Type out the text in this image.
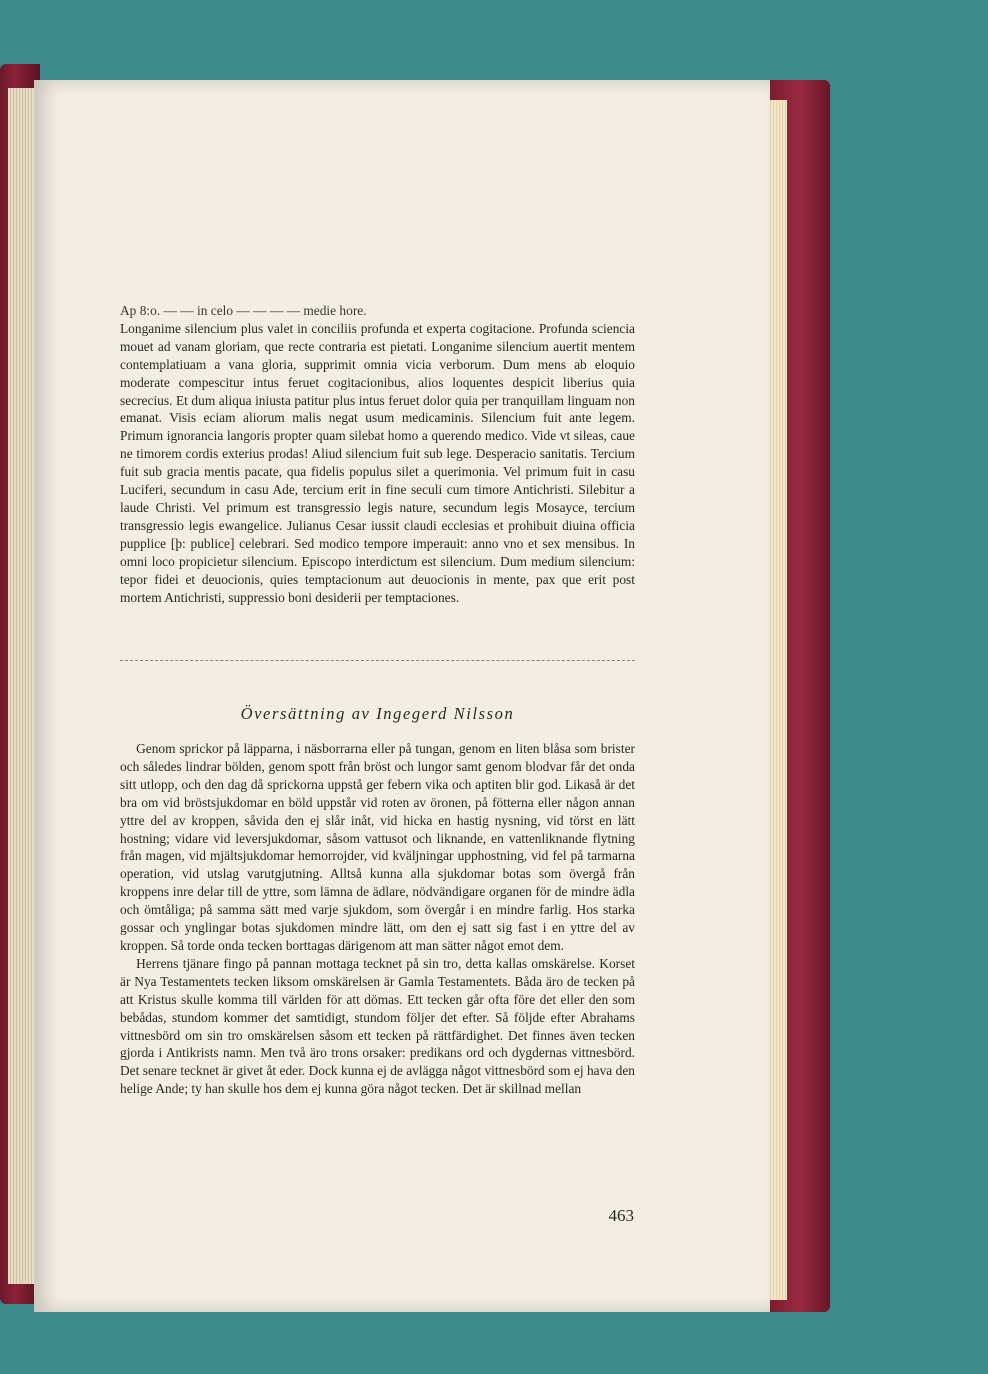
Ap 8:o. — — in celo — — — — medie hore.

Longanime silencium plus valet in conciliis profunda et experta cogitacione. Profunda sciencia mouet ad vanam gloriam, que recte contraria est pietati. Longanime silencium auertit mentem contemplatiuam a vana gloria, supprimit omnia vicia verborum. Dum mens ab eloquio moderate compescitur intus feruet cogitacionibus, alios loquentes despicit liberius quia secrecius. Et dum aliqua iniusta patitur plus intus feruet dolor quia per tranquillam linguam non emanat. Visis eciam aliorum malis negat usum medicaminis. Silencium fuit ante legem. Primum ignorancia langoris propter quam silebat homo a querendo medico. Vide vt sileas, caue ne timorem cordis exterius prodas! Aliud silencium fuit sub lege. Desperacio sanitatis. Tercium fuit sub gracia mentis pacate, qua fidelis populus silet a querimonia. Vel primum fuit in casu Luciferi, secundum in casu Ade, tercium erit in fine seculi cum timore Antichristi. Silebitur a laude Christi. Vel primum est transgressio legis nature, secundum legis Mosayce, tercium transgressio legis ewangelice. Julianus Cesar iussit claudi ecclesias et prohibuit diuina officia pupplice [ϸ: publice] celebrari. Sed modico tempore imperauit: anno vno et sex mensibus. In omni loco propicietur silencium. Episcopo interdictum est silencium. Dum medium silencium: tepor fidei et deuocionis, quies temptacionum aut deuocionis in mente, pax que erit post mortem Antichristi, suppressio boni desiderii per temptaciones.

Översättning av Ingegerd Nilsson

Genom sprickor på läpparna, i näsborrarna eller på tungan, genom en liten blåsa som brister och således lindrar bölden, genom spott från bröst och lungor samt genom blodvar får det onda sitt utlopp, och den dag då sprickorna uppstå ger febern vika och aptiten blir god. Likaså är det bra om vid bröstsjukdomar en böld uppstår vid roten av öronen, på fötterna eller någon annan yttre del av kroppen, såvida den ej slår inåt, vid hicka en hastig nysning, vid törst en lätt hostning; vidare vid leversjukdomar, såsom vattusot och liknande, en vattenliknande flytning från magen, vid mjältsjukdomar hemorrojder, vid kväljningar upphostning, vid fel på tarmarna operation, vid utslag varutgjutning. Alltså kunna alla sjukdomar botas som övergå från kroppens inre delar till de yttre, som lämna de ädlare, nödvändigare organen för de mindre ädla och ömtåliga; på samma sätt med varje sjukdom, som övergår i en mindre farlig. Hos starka gossar och ynglingar botas sjukdomen mindre lätt, om den ej satt sig fast i en yttre del av kroppen. Så torde onda tecken borttagas därigenom att man sätter något emot dem.

Herrens tjänare fingo på pannan mottaga tecknet på sin tro, detta kallas omskärelse. Korset är Nya Testamentets tecken liksom omskärelsen är Gamla Testamentets. Båda äro de tecken på att Kristus skulle komma till världen för att dömas. Ett tecken går ofta före det eller den som bebådas, stundom kommer det samtidigt, stundom följer det efter. Så följde efter Abrahams vittnesbörd om sin tro omskärelsen såsom ett tecken på rättfärdighet. Det finnes även tecken gjorda i Antikrists namn. Men två äro trons orsaker: predikans ord och dygdernas vittnesbörd. Det senare tecknet är givet åt eder. Dock kunna ej de avlägga något vittnesbörd som ej hava den helige Ande; ty han skulle hos dem ej kunna göra något tecken. Det är skillnad mellan

463
